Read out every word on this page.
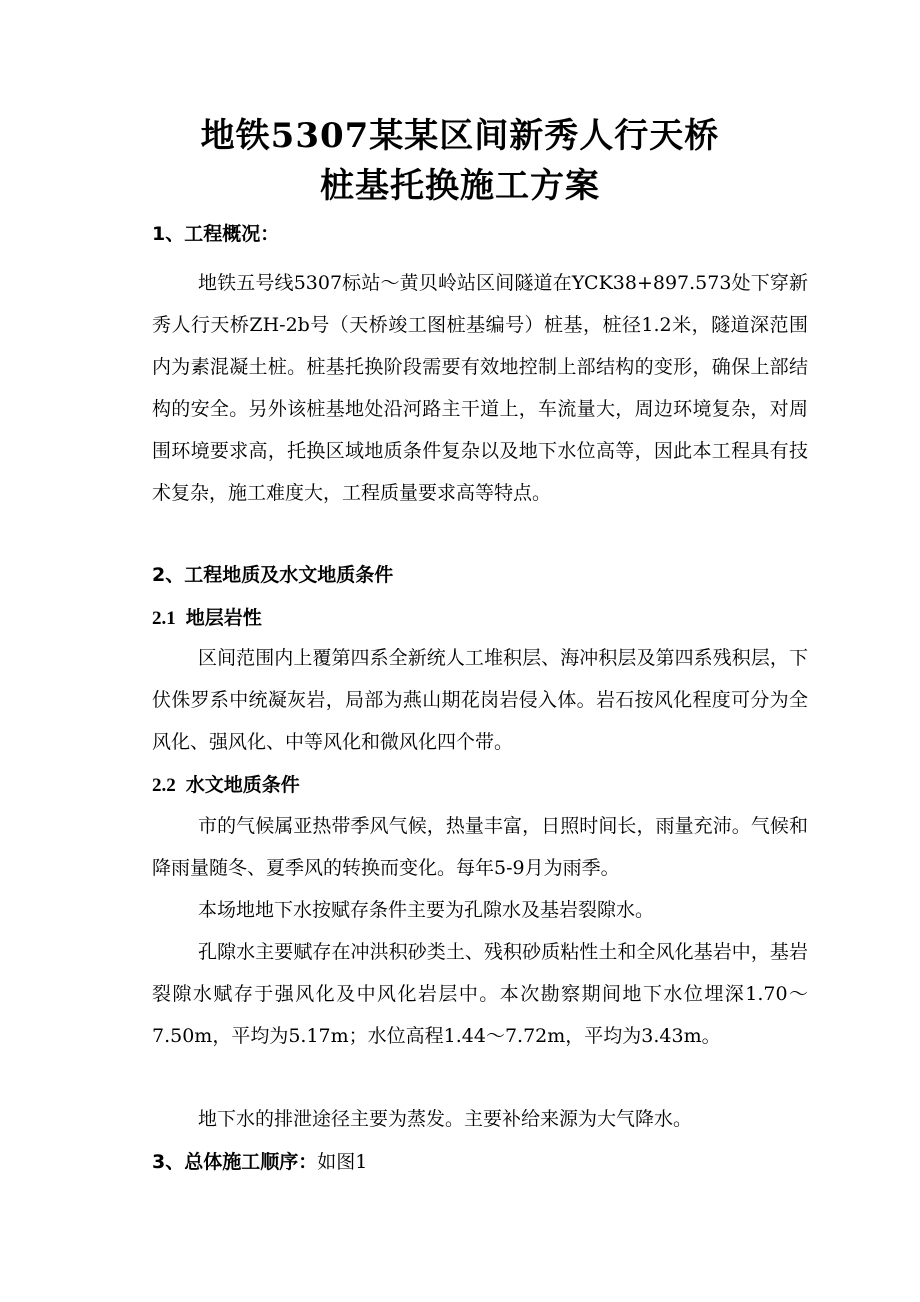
地铁5307某某区间新秀人行天桥
桩基托换施工方案
1、工程概况：

地铁五号线5307标站～黄贝岭站区间隧道在YCK38+897.573处下穿新秀人行天桥ZH-2b号（天桥竣工图桩基编号）桩基，桩径1.2米，隧道深范围内为素混凝土桩。桩基托换阶段需要有效地控制上部结构的变形，确保上部结构的安全。另外该桩基地处沿河路主干道上，车流量大，周边环境复杂，对周围环境要求高，托换区域地质条件复杂以及地下水位高等，因此本工程具有技术复杂，施工难度大，工程质量要求高等特点。

2、工程地质及水文地质条件
2.1 地层岩性

区间范围内上覆第四系全新统人工堆积层、海冲积层及第四系残积层，下伏侏罗系中统凝灰岩，局部为燕山期花岗岩侵入体。岩石按风化程度可分为全风化、强风化、中等风化和微风化四个带。

2.2 水文地质条件

市的气候属亚热带季风气候，热量丰富，日照时间长，雨量充沛。气候和降雨量随冬、夏季风的转换而变化。每年5-9月为雨季。

本场地地下水按赋存条件主要为孔隙水及基岩裂隙水。

孔隙水主要赋存在冲洪积砂类土、残积砂质粘性土和全风化基岩中，基岩裂隙水赋存于强风化及中风化岩层中。本次勘察期间地下水位埋深1.70～7.50m，平均为5.17m；水位高程1.44～7.72m，平均为3.43m。

地下水的排泄途径主要为蒸发。主要补给来源为大气降水。

3、总体施工顺序：如图1
